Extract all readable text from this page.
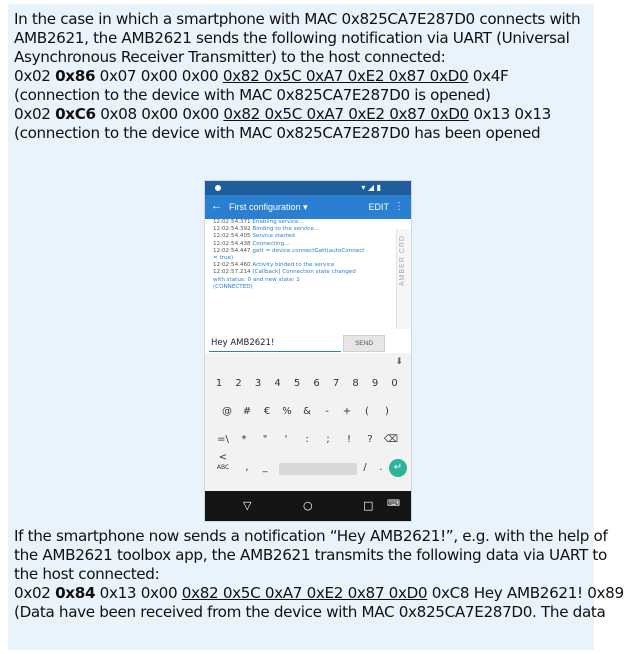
In the case in which a smartphone with MAC 0x825CA7E287D0 connects with
AMB2621, the AMB2621 sends the following notification via UART (Universal
Asynchronous Receiver Transmitter) to the host connected:
0x02 0x86 0x07 0x00 0x00 0x82 0x5C 0xA7 0xE2 0x87 0xD0 0x4F
(connection to the device with MAC 0x825CA7E287D0 is opened)
0x02 0xC6 0x08 0x00 0x00 0x82 0x5C 0xA7 0xE2 0x87 0xD0 0x13 0x13
(connection to the device with MAC 0x825CA7E287D0 has been opened
▾ ◢ ▮
← First configuration ▾	EDIT ⋮
12:02:54.371 Enabling service...
12:02:54.392 Binding to the service...
12:02:54.405 Service started
12:02:54.438 Connecting...
12:02:54.447 gatt = device.connectGatt(autoConnect
= true)
12:02:54.460 Activity binded to the service
12:02:57.214 [Callback] Connection state changed
with status: 0 and new state: 2
(CONNECTED)
AMBER CRD
Hey AMB2621!
SEND
⬇
1	2	3	4	5	6	7	8	9	0
@	#	€	%	&	-	+	(	)
=\<
*	"	'	:	;	!	?	⌫
ABC	,	_	/	.	↵
▽	○	□ ⌨
If the smartphone now sends a notification “Hey AMB2621!”, e.g. with the help of
the AMB2621 toolbox app, the AMB2621 transmits the following data via UART to
the host connected:
0x02 0x84 0x13 0x00 0x82 0x5C 0xA7 0xE2 0x87 0xD0 0xC8 Hey AMB2621! 0x89
(Data have been received from the device with MAC 0x825CA7E287D0. The data
